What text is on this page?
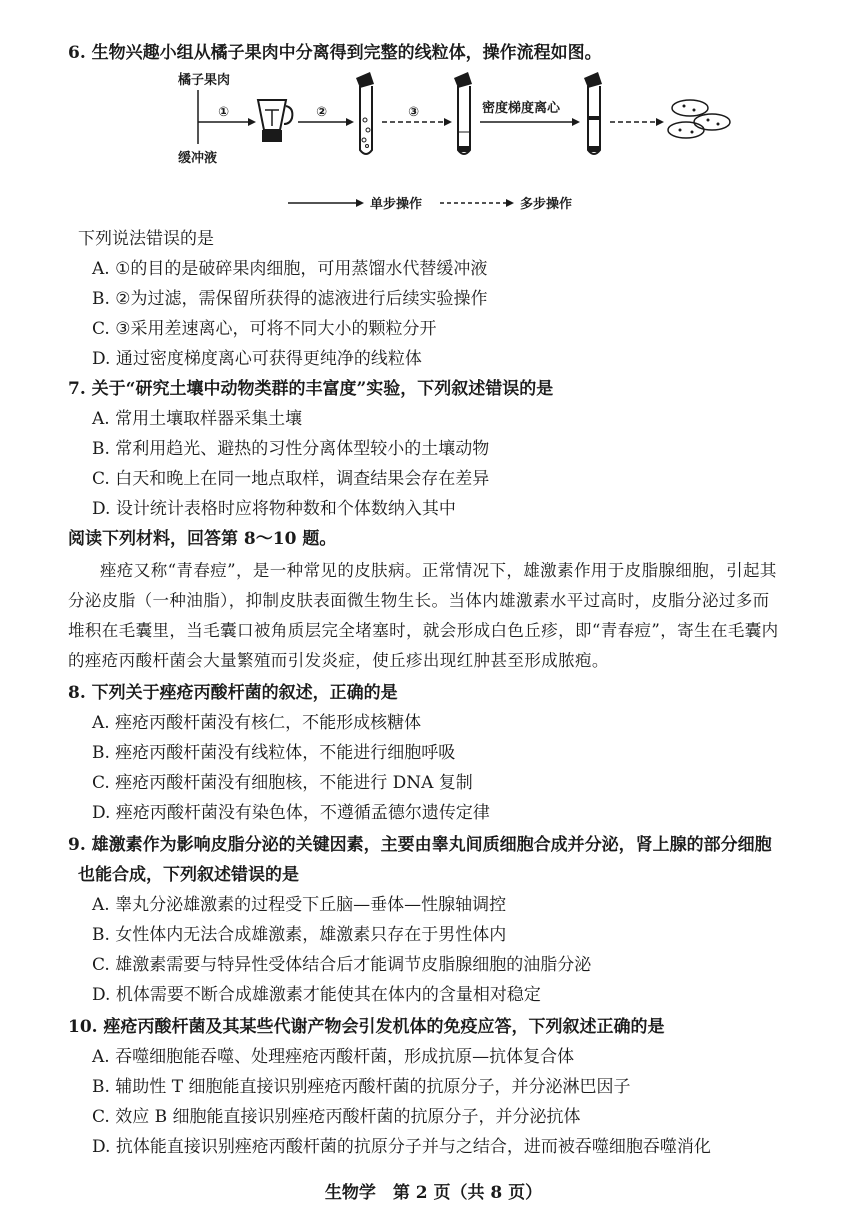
6. 生物兴趣小组从橘子果肉中分离得到完整的线粒体，操作流程如图。
橘子果肉
缓冲液
①	②	③	密度梯度离心
单步操作	多步操作
下列说法错误的是
A. ①的目的是破碎果肉细胞，可用蒸馏水代替缓冲液
B. ②为过滤，需保留所获得的滤液进行后续实验操作
C. ③采用差速离心，可将不同大小的颗粒分开
D. 通过密度梯度离心可获得更纯净的线粒体
7. 关于“研究土壤中动物类群的丰富度”实验，下列叙述错误的是
A. 常用土壤取样器采集土壤
B. 常利用趋光、避热的习性分离体型较小的土壤动物
C. 白天和晚上在同一地点取样，调查结果会存在差异
D. 设计统计表格时应将物种数和个体数纳入其中
阅读下列材料，回答第 8～10 题。
痤疮又称“青春痘”，是一种常见的皮肤病。正常情况下，雄激素作用于皮脂腺细胞，引起其
分泌皮脂（一种油脂），抑制皮肤表面微生物生长。当体内雄激素水平过高时，皮脂分泌过多而
堆积在毛囊里，当毛囊口被角质层完全堵塞时，就会形成白色丘疹，即“青春痘”，寄生在毛囊内
的痤疮丙酸杆菌会大量繁殖而引发炎症，使丘疹出现红肿甚至形成脓疱。
8. 下列关于痤疮丙酸杆菌的叙述，正确的是
A. 痤疮丙酸杆菌没有核仁，不能形成核糖体
B. 痤疮丙酸杆菌没有线粒体，不能进行细胞呼吸
C. 痤疮丙酸杆菌没有细胞核，不能进行 DNA 复制
D. 痤疮丙酸杆菌没有染色体，不遵循孟德尔遗传定律
9. 雄激素作为影响皮脂分泌的关键因素，主要由睾丸间质细胞合成并分泌，肾上腺的部分细胞
也能合成，下列叙述错误的是
A. 睾丸分泌雄激素的过程受下丘脑—垂体—性腺轴调控
B. 女性体内无法合成雄激素，雄激素只存在于男性体内
C. 雄激素需要与特异性受体结合后才能调节皮脂腺细胞的油脂分泌
D. 机体需要不断合成雄激素才能使其在体内的含量相对稳定
10. 痤疮丙酸杆菌及其某些代谢产物会引发机体的免疫应答，下列叙述正确的是
A. 吞噬细胞能吞噬、处理痤疮丙酸杆菌，形成抗原—抗体复合体
B. 辅助性 T 细胞能直接识别痤疮丙酸杆菌的抗原分子，并分泌淋巴因子
C. 效应 B 细胞能直接识别痤疮丙酸杆菌的抗原分子，并分泌抗体
D. 抗体能直接识别痤疮丙酸杆菌的抗原分子并与之结合，进而被吞噬细胞吞噬消化
生物学　第 2 页（共 8 页）
